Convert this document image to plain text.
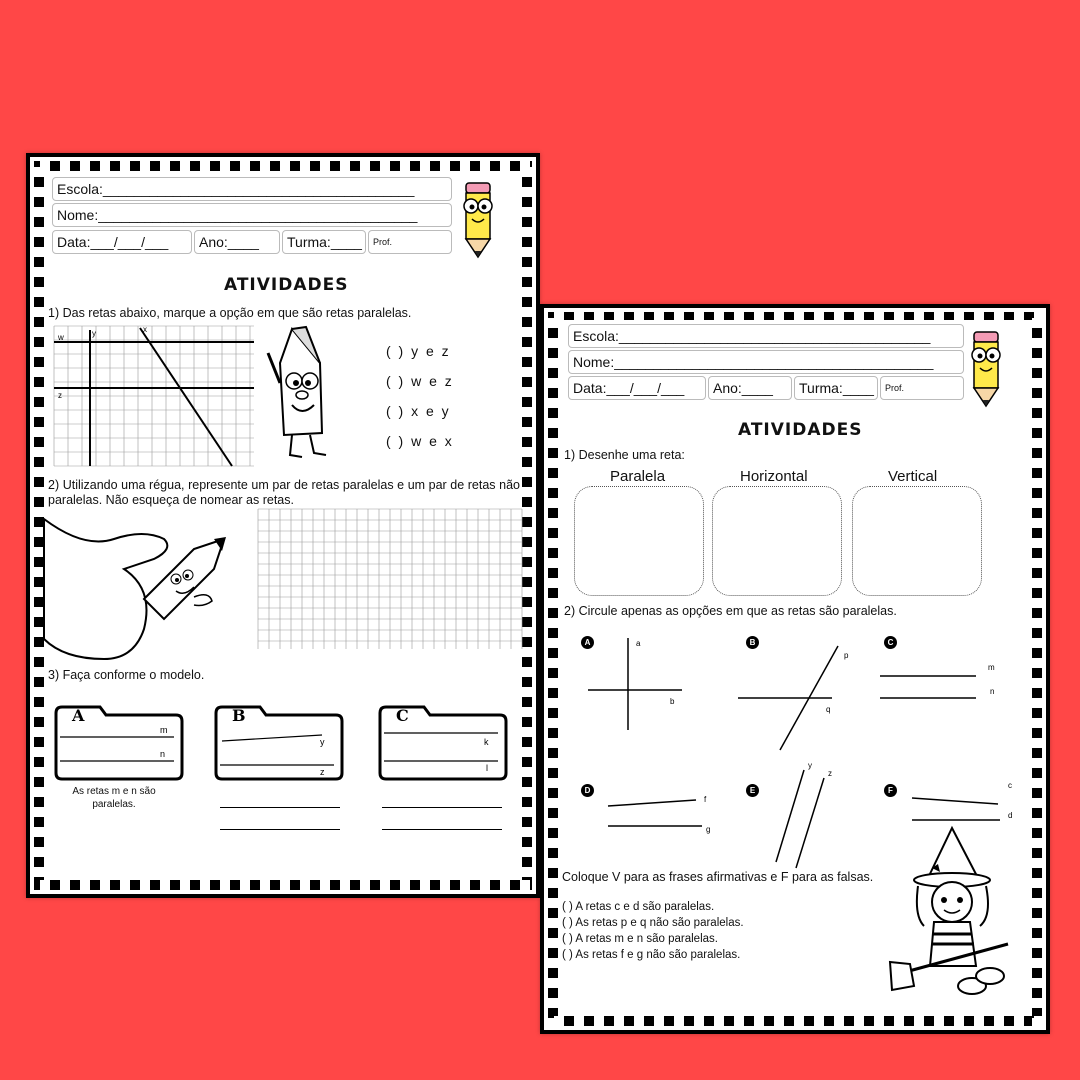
Escola:________________________________________
Nome:_________________________________________
Data:___/___/___	Ano:____	Turma:____	Prof.
ATIVIDADES
1) Das retas abaixo, marque a opção em que são retas paralelas.
w	y	x
z
( ) y e z
( ) w e z
( ) x e y
( ) w e x
2) Utilizando uma régua, represente um par de retas paralelas e um par de retas não paralelas. Não esqueça de nomear as retas.
3) Faça conforme o modelo.
A
m
n
As retas m e n são paralelas.
B
y
z
C
k
l
Escola:________________________________________
Nome:_________________________________________
Data:___/___/___	Ano:____	Turma:____	Prof.
ATIVIDADES
1) Desenhe uma reta:
Paralela	Horizontal	Vertical
2) Circule apenas as opções em que as retas são paralelas.
A	a
b
B
p
q
C
m
n
D
f
g
E
y
z
F
c
d
Coloque V para as frases afirmativas e F para as falsas.
( ) A retas c e d são paralelas.
( ) As retas p e q não são paralelas.
( ) A retas m e n são paralelas.
( ) As retas f e g não são paralelas.
